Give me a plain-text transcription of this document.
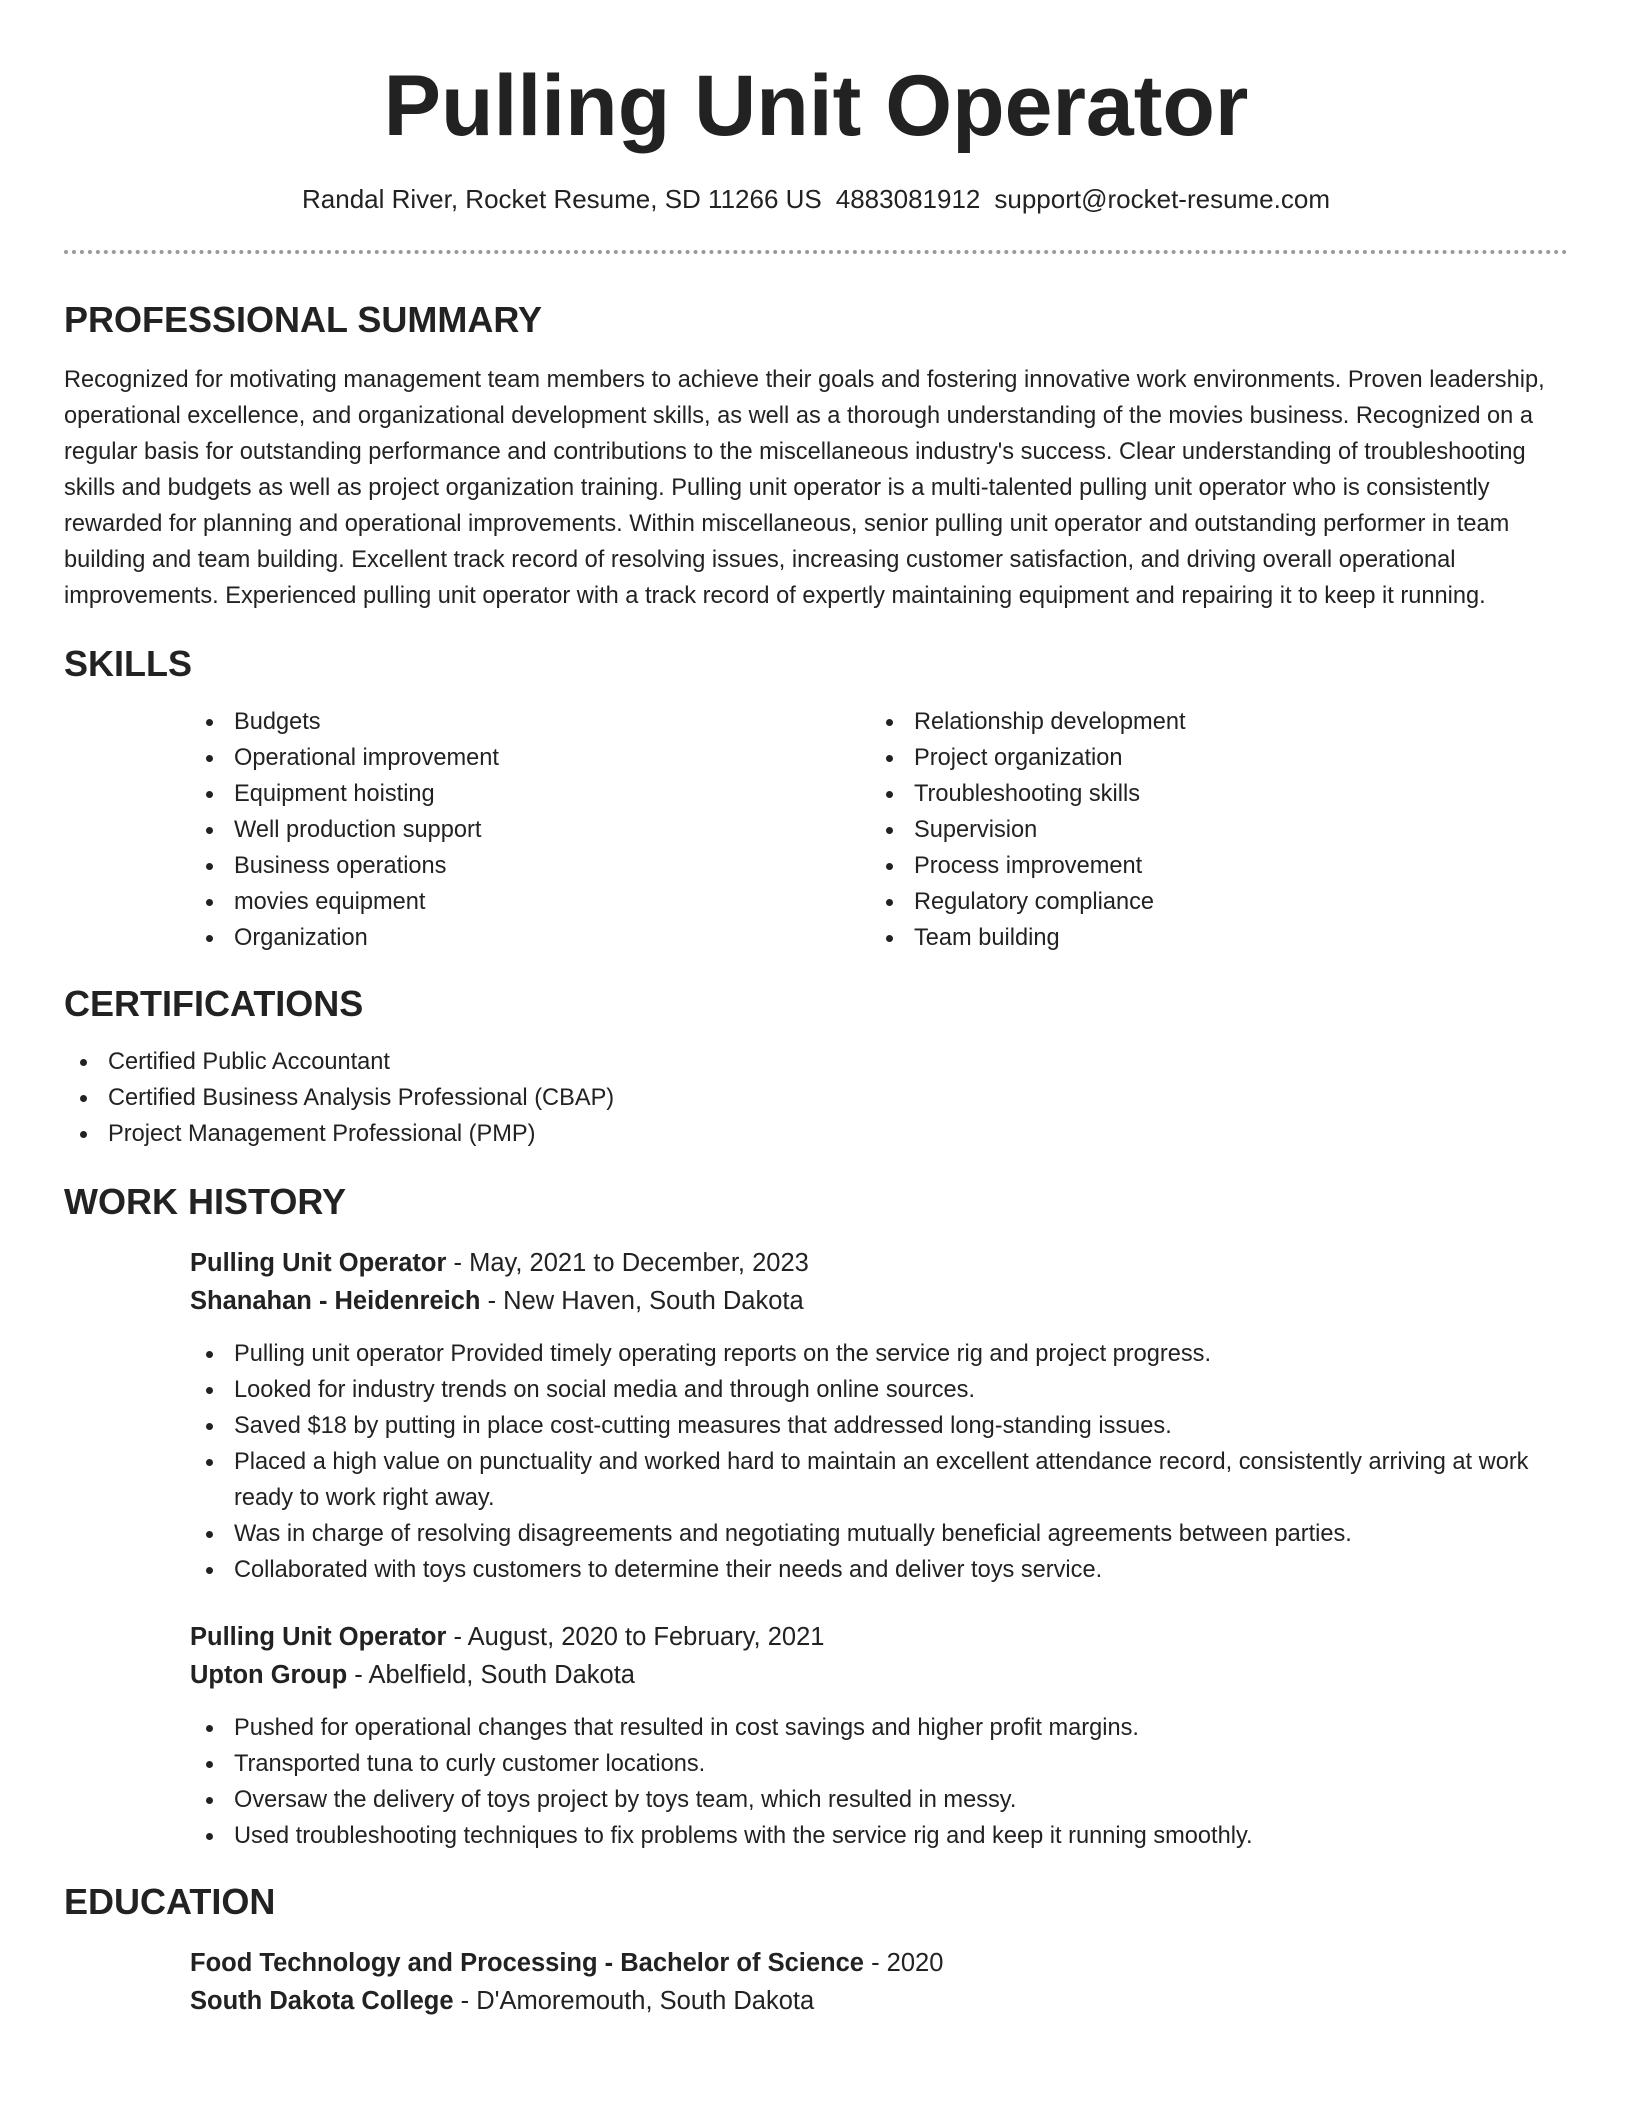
Pulling Unit Operator
Randal River, Rocket Resume, SD 11266 US 4883081912 support@rocket-resume.com
PROFESSIONAL SUMMARY

Recognized for motivating management team members to achieve their goals and fostering innovative work environments. Proven leadership, operational excellence, and organizational development skills, as well as a thorough understanding of the movies business. Recognized on a regular basis for outstanding performance and contributions to the miscellaneous industry's success. Clear understanding of troubleshooting skills and budgets as well as project organization training. Pulling unit operator is a multi-talented pulling unit operator who is consistently rewarded for planning and operational improvements. Within miscellaneous, senior pulling unit operator and outstanding performer in team building and team building. Excellent track record of resolving issues, increasing customer satisfaction, and driving overall operational improvements. Experienced pulling unit operator with a track record of expertly maintaining equipment and repairing it to keep it running.

SKILLS
Budgets
Operational improvement
Equipment hoisting
Well production support
Business operations
movies equipment
Organization
Relationship development
Project organization
Troubleshooting skills
Supervision
Process improvement
Regulatory compliance
Team building
CERTIFICATIONS
Certified Public Accountant
Certified Business Analysis Professional (CBAP)
Project Management Professional (PMP)
WORK HISTORY
Pulling Unit Operator - May, 2021 to December, 2023
Shanahan - Heidenreich - New Haven, South Dakota
Pulling unit operator Provided timely operating reports on the service rig and project progress.
Looked for industry trends on social media and through online sources.
Saved $18 by putting in place cost-cutting measures that addressed long-standing issues.
Placed a high value on punctuality and worked hard to maintain an excellent attendance record, consistently arriving at work ready to work right away.
Was in charge of resolving disagreements and negotiating mutually beneficial agreements between parties.
Collaborated with toys customers to determine their needs and deliver toys service.
Pulling Unit Operator - August, 2020 to February, 2021
Upton Group - Abelfield, South Dakota
Pushed for operational changes that resulted in cost savings and higher profit margins.
Transported tuna to curly customer locations.
Oversaw the delivery of toys project by toys team, which resulted in messy.
Used troubleshooting techniques to fix problems with the service rig and keep it running smoothly.
EDUCATION
Food Technology and Processing - Bachelor of Science - 2020
South Dakota College - D'Amoremouth, South Dakota
